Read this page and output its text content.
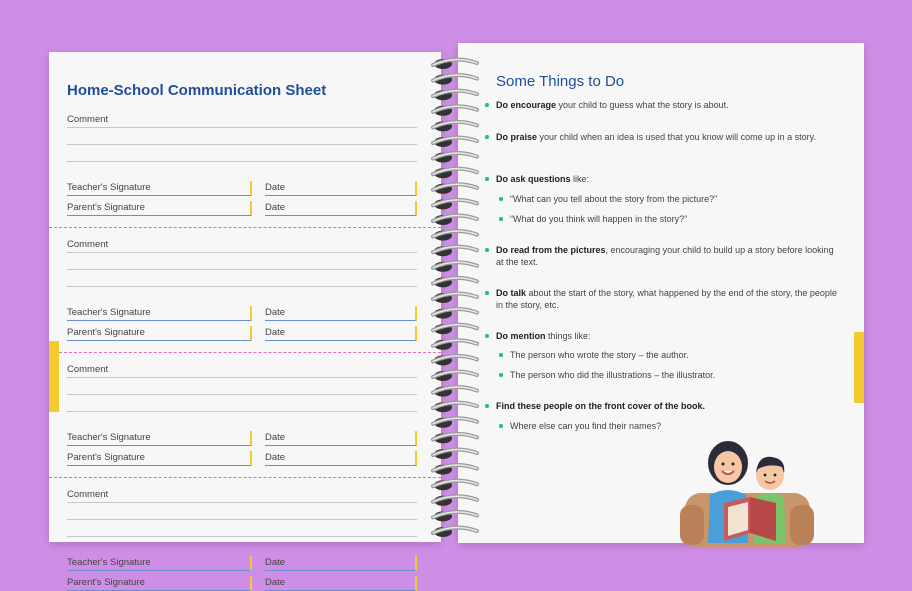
Home-School Communication Sheet
Comment
Teacher's Signature	Date
Parent's Signature	Date
Comment
Teacher's Signature	Date
Parent's Signature	Date
Comment
Teacher's Signature	Date
Parent's Signature	Date
Comment
Teacher's Signature	Date
Parent's Signature	Date
Some Things to Do
Do encourage your child to guess what the story is about.
Do praise your child when an idea is used that you know will come up in a story.
Do ask questions like:
“What can you tell about the story from the picture?”
“What do you think will happen in the story?”
Do read from the pictures, encouraging your child to build up a story before looking at the text.
Do talk about the start of the story, what happened by the end of the story, the people in the story, etc.
Do mention things like:
The person who wrote the story – the author.
The person who did the illustrations – the illustrator.
Find these people on the front cover of the book.
Where else can you find their names?
